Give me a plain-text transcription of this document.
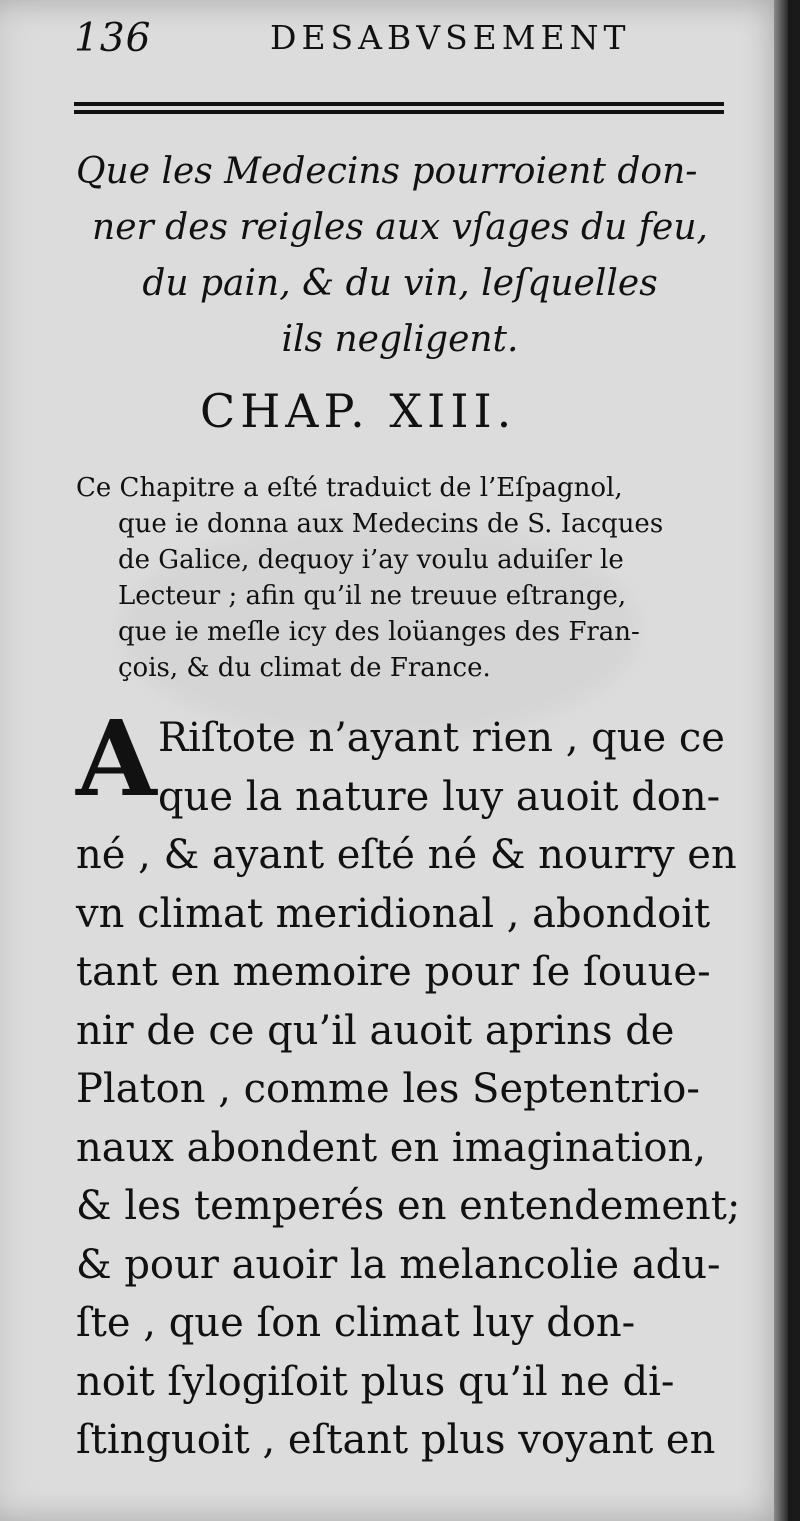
136	DESABVSEMENT
Que les Medecins pourroient don-
ner des reigles aux vſages du feu,
du pain, & du vin, leſquelles
ils negligent.
CHAP. XIII.
Ce Chapitre a eſté traduict de l’Eſpagnol,
que ie donna aux Medecins de S. Iacques
de Galice, dequoy i’ay voulu aduiſer le
Lecteur ; afin qu’il ne treuue eſtrange,
que ie meſle icy des loüanges des Fran-
çois, & du climat de France.
A Riſtote n’ayant rien , que ce
que la nature luy auoit don-
né , & ayant eſté né & nourry en
vn climat meridional , abondoit
tant en memoire pour ſe ſouue-
nir de ce qu’il auoit aprins de
Platon , comme les Septentrio-
naux abondent en imagination,
& les temperés en entendement;
& pour auoir la melancolie adu-
ſte , que ſon climat luy don-
noit ſylogiſoit plus qu’il ne di-
ſtinguoit , eſtant plus voyant en
